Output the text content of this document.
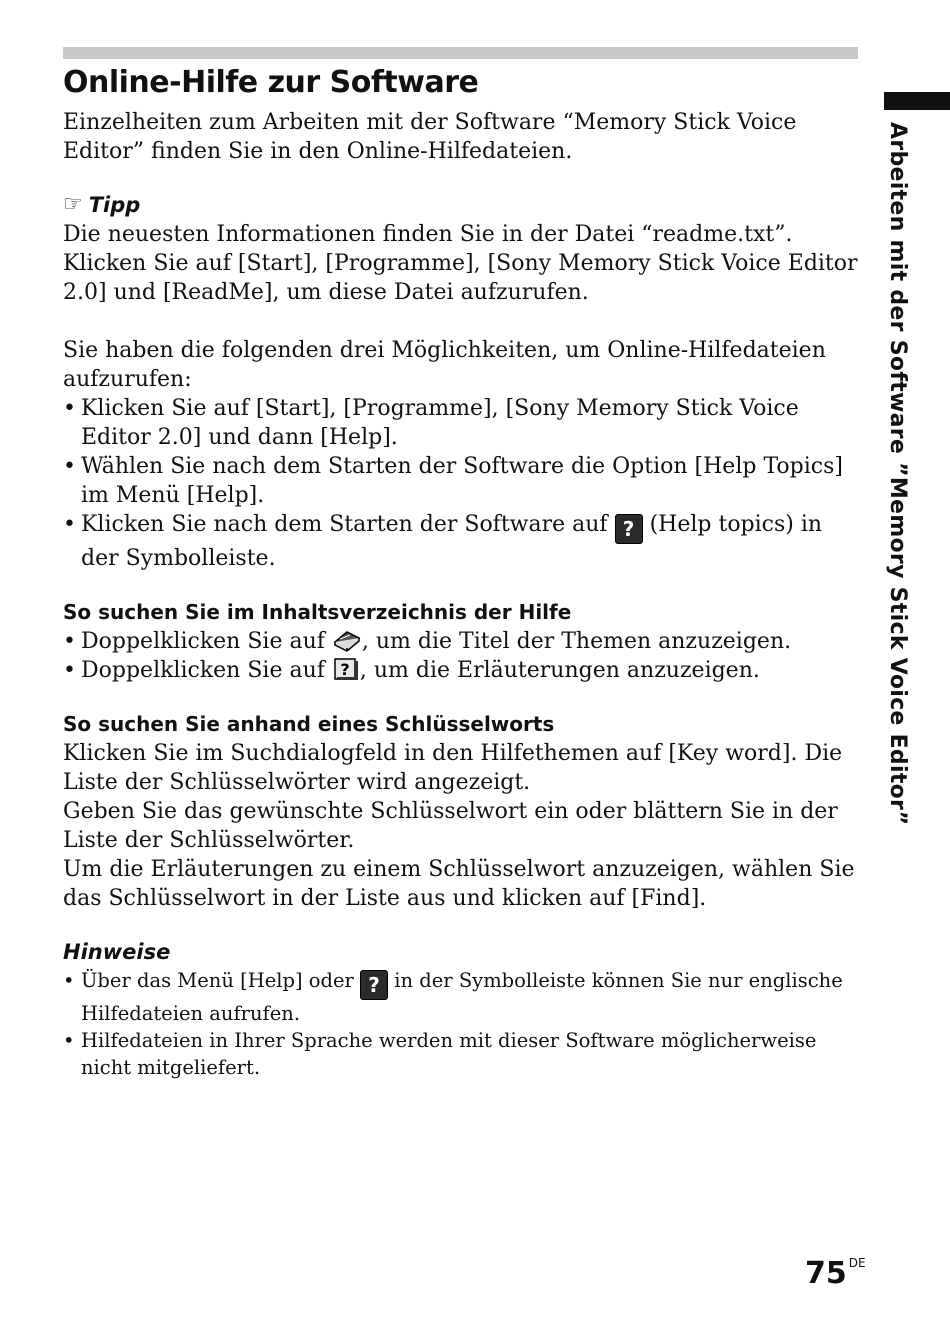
Arbeiten mit der Software ”Memory Stick Voice Editor”
Online-Hilfe zur Software

Einzelheiten zum Arbeiten mit der Software “Memory Stick Voice Editor” finden Sie in den Online-Hilfedateien.

☞ Tipp

Die neuesten Informationen finden Sie in der Datei “readme.txt”. Klicken Sie auf [Start], [Programme], [Sony Memory Stick Voice Editor 2.0] und [ReadMe], um diese Datei aufzurufen.

Sie haben die folgenden drei Möglichkeiten, um Online-Hilfedateien aufzurufen:

• Klicken Sie auf [Start], [Programme], [Sony Memory Stick Voice Editor 2.0] und dann [Help].
• Wählen Sie nach dem Starten der Software die Option [Help Topics] im Menü [Help].
• Klicken Sie nach dem Starten der Software auf ? (Help topics) in der Symbolleiste.
So suchen Sie im Inhaltsverzeichnis der Hilfe
• Doppelklicken Sie auf , um die Titel der Themen anzuzeigen.
• Doppelklicken Sie auf ? , um die Erläuterungen anzuzeigen.
So suchen Sie anhand eines Schlüsselworts

Klicken Sie im Suchdialogfeld in den Hilfethemen auf [Key word]. Die Liste der Schlüsselwörter wird angezeigt.

Geben Sie das gewünschte Schlüsselwort ein oder blättern Sie in der Liste der Schlüsselwörter.

Um die Erläuterungen zu einem Schlüsselwort anzuzeigen, wählen Sie das Schlüsselwort in der Liste aus und klicken auf [Find].

Hinweise
• Über das Menü [Help] oder ? in der Symbolleiste können Sie nur englische Hilfedateien aufrufen.
• Hilfedateien in Ihrer Sprache werden mit dieser Software möglicherweise nicht mitgeliefert.
75 $^{DE}$
